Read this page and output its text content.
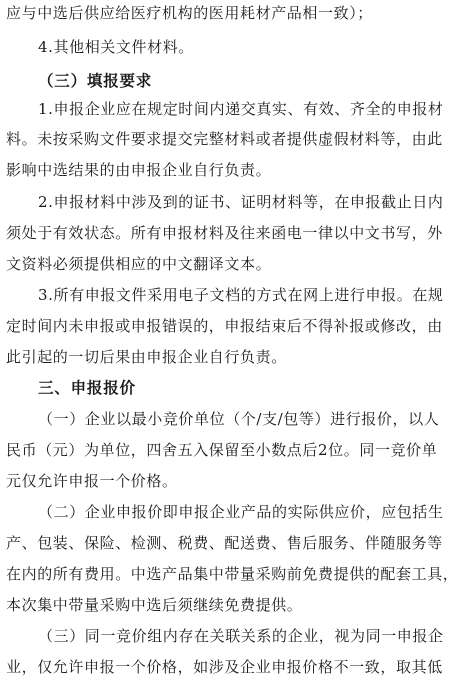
应与中选后供应给医疗机构的医用耗材产品相一致）；
4.其他相关文件材料。
（三）填报要求
1.申报企业应在规定时间内递交真实、有效、齐全的申报材
料。未按采购文件要求提交完整材料或者提供虚假材料等，由此
影响中选结果的由申报企业自行负责。
2.申报材料中涉及到的证书、证明材料等，在申报截止日内
须处于有效状态。所有申报材料及往来函电一律以中文书写，外
文资料必须提供相应的中文翻译文本。
3.所有申报文件采用电子文档的方式在网上进行申报。在规
定时间内未申报或申报错误的，申报结束后不得补报或修改，由
此引起的一切后果由申报企业自行负责。
三、申报报价
（一）企业以最小竞价单位（个/支/包等）进行报价，以人
民币（元）为单位，四舍五入保留至小数点后2位。同一竞价单
元仅允许申报一个价格。
（二）企业申报价即申报企业产品的实际供应价，应包括生
产、包装、保险、检测、税费、配送费、售后服务、伴随服务等
在内的所有费用。中选产品集中带量采购前免费提供的配套工具，
本次集中带量采购中选后须继续免费提供。
（三）同一竞价组内存在关联关系的企业，视为同一申报企
业，仅允许申报一个价格，如涉及企业申报价格不一致，取其低
